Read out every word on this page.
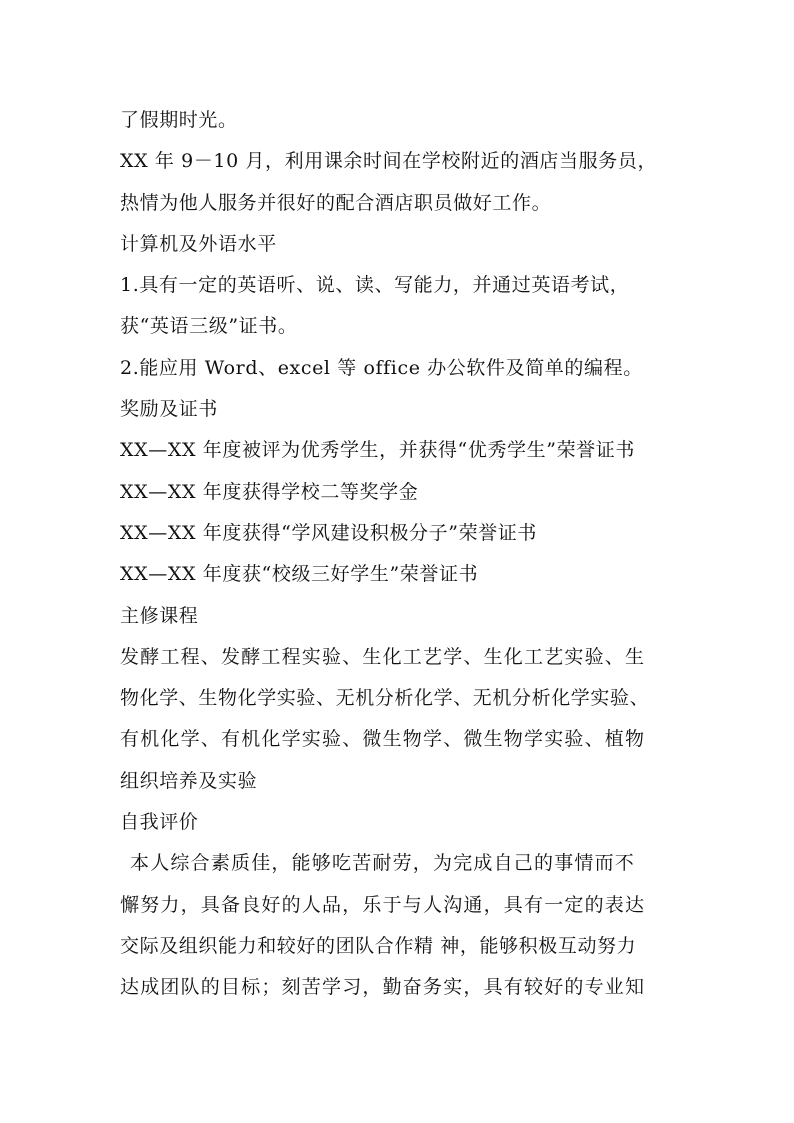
了假期时光。
XX 年 9－10 月，利用课余时间在学校附近的酒店当服务员，
热情为他人服务并很好的配合酒店职员做好工作。
计算机及外语水平
1.具有一定的英语听、说、读、写能力，并通过英语考试，
获“英语三级”证书。
2.能应用 Word、excel 等 office 办公软件及简单的编程。
奖励及证书
XX—XX 年度被评为优秀学生，并获得“优秀学生”荣誉证书
XX—XX 年度获得学校二等奖学金
XX—XX 年度获得“学风建设积极分子”荣誉证书
XX—XX 年度获“校级三好学生”荣誉证书
主修课程
发酵工程、发酵工程实验、生化工艺学、生化工艺实验、生
物化学、生物化学实验、无机分析化学、无机分析化学实验、
有机化学、有机化学实验、微生物学、微生物学实验、植物
组织培养及实验
自我评价
本人综合素质佳，能够吃苦耐劳，为完成自己的事情而不
懈努力，具备良好的人品，乐于与人沟通，具有一定的表达
交际及组织能力和较好的团队合作精 神，能够积极互动努力
达成团队的目标；刻苦学习，勤奋务实，具有较好的专业知
